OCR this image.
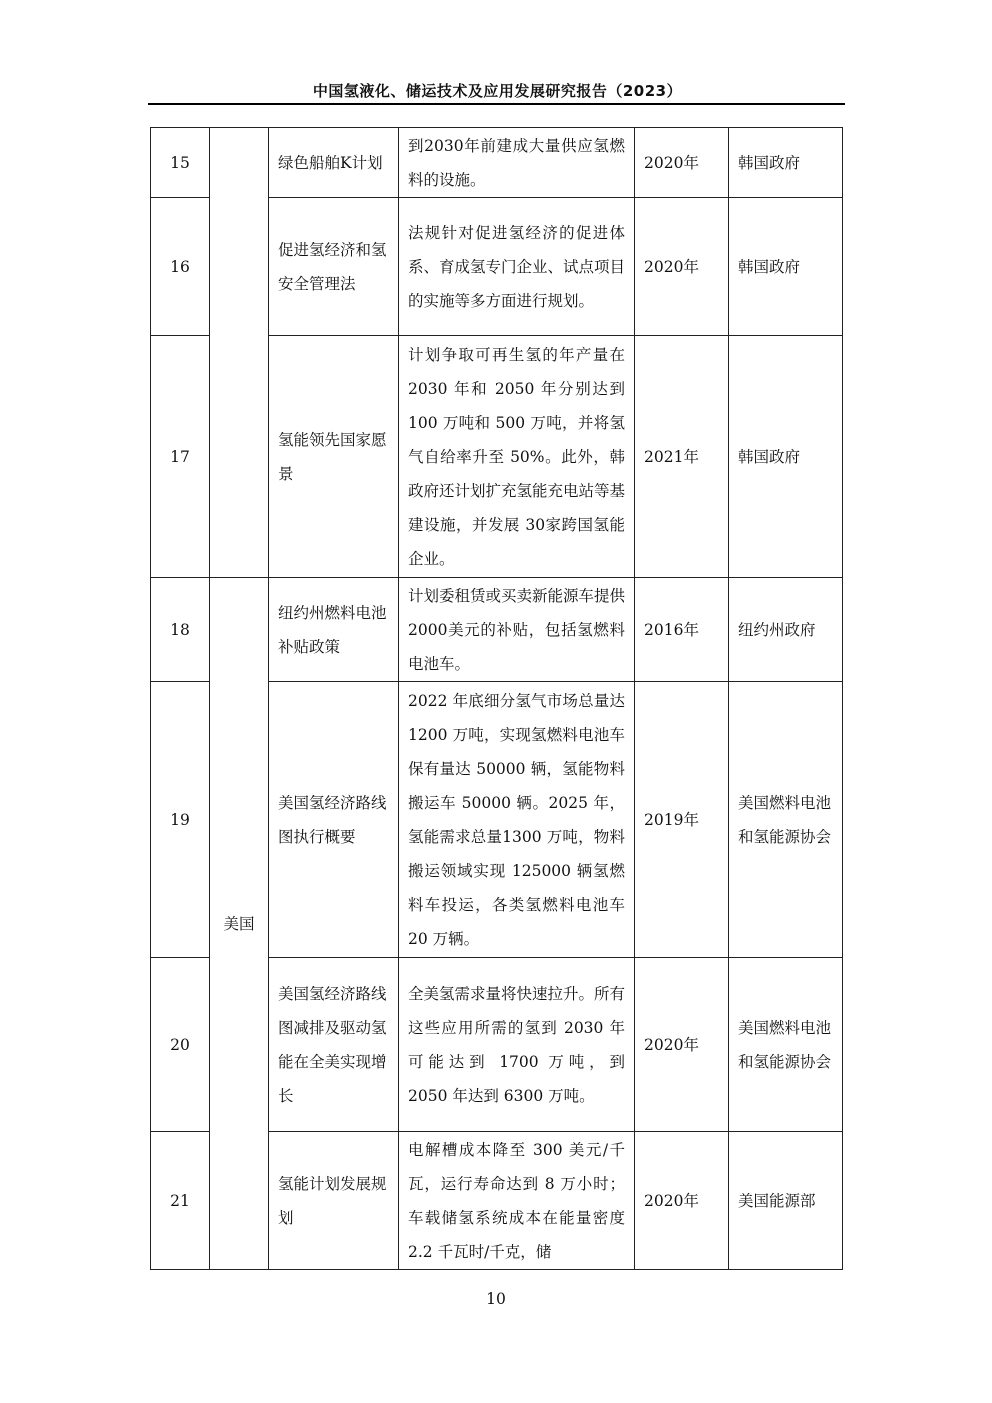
中国氢液化、储运技术及应用发展研究报告（2023）
15		绿色船舶K计划	到2030年前建成大量供应氢燃料的设施。	2020年	韩国政府
16		促进氢经济和氢安全管理法	法规针对促进氢经济的促进体系、育成氢专门企业、试点项目的实施等多方面进行规划。	2020年	韩国政府
17		氢能领先国家愿景	计划争取可再生氢的年产量在 2030 年和 2050 年分别达到 100 万吨和 500 万吨，并将氢气自给率升至 50%。此外，韩政府还计划扩充氢能充电站等基建设施，并发展 30家跨国氢能企业。	2021年	韩国政府
18	美国	纽约州燃料电池补贴政策	计划委租赁或买卖新能源车提供2000美元的补贴，包括氢燃料电池车。	2016年	纽约州政府
19		美国氢经济路线图执行概要	2022 年底细分氢气市场总量达 1200 万吨，实现氢燃料电池车保有量达 50000 辆，氢能物料搬运车 50000 辆。2025 年，氢能需求总量1300 万吨，物料搬运领域实现 125000 辆氢燃料车投运，各类氢燃料电池车 20 万辆。	2019年	美国燃料电池和氢能源协会
20		美国氢经济路线图减排及驱动氢能在全美实现增长	全美氢需求量将快速拉升。所有这些应用所需的氢到 2030 年可能达到 1700 万吨，到 2050 年达到 6300 万吨。	2020年	美国燃料电池和氢能源协会
21		氢能计划发展规划	电解槽成本降至 300 美元/千瓦，运行寿命达到 8 万小时；车载储氢系统成本在能量密度 2.2 千瓦时/千克，储	2020年	美国能源部
10
